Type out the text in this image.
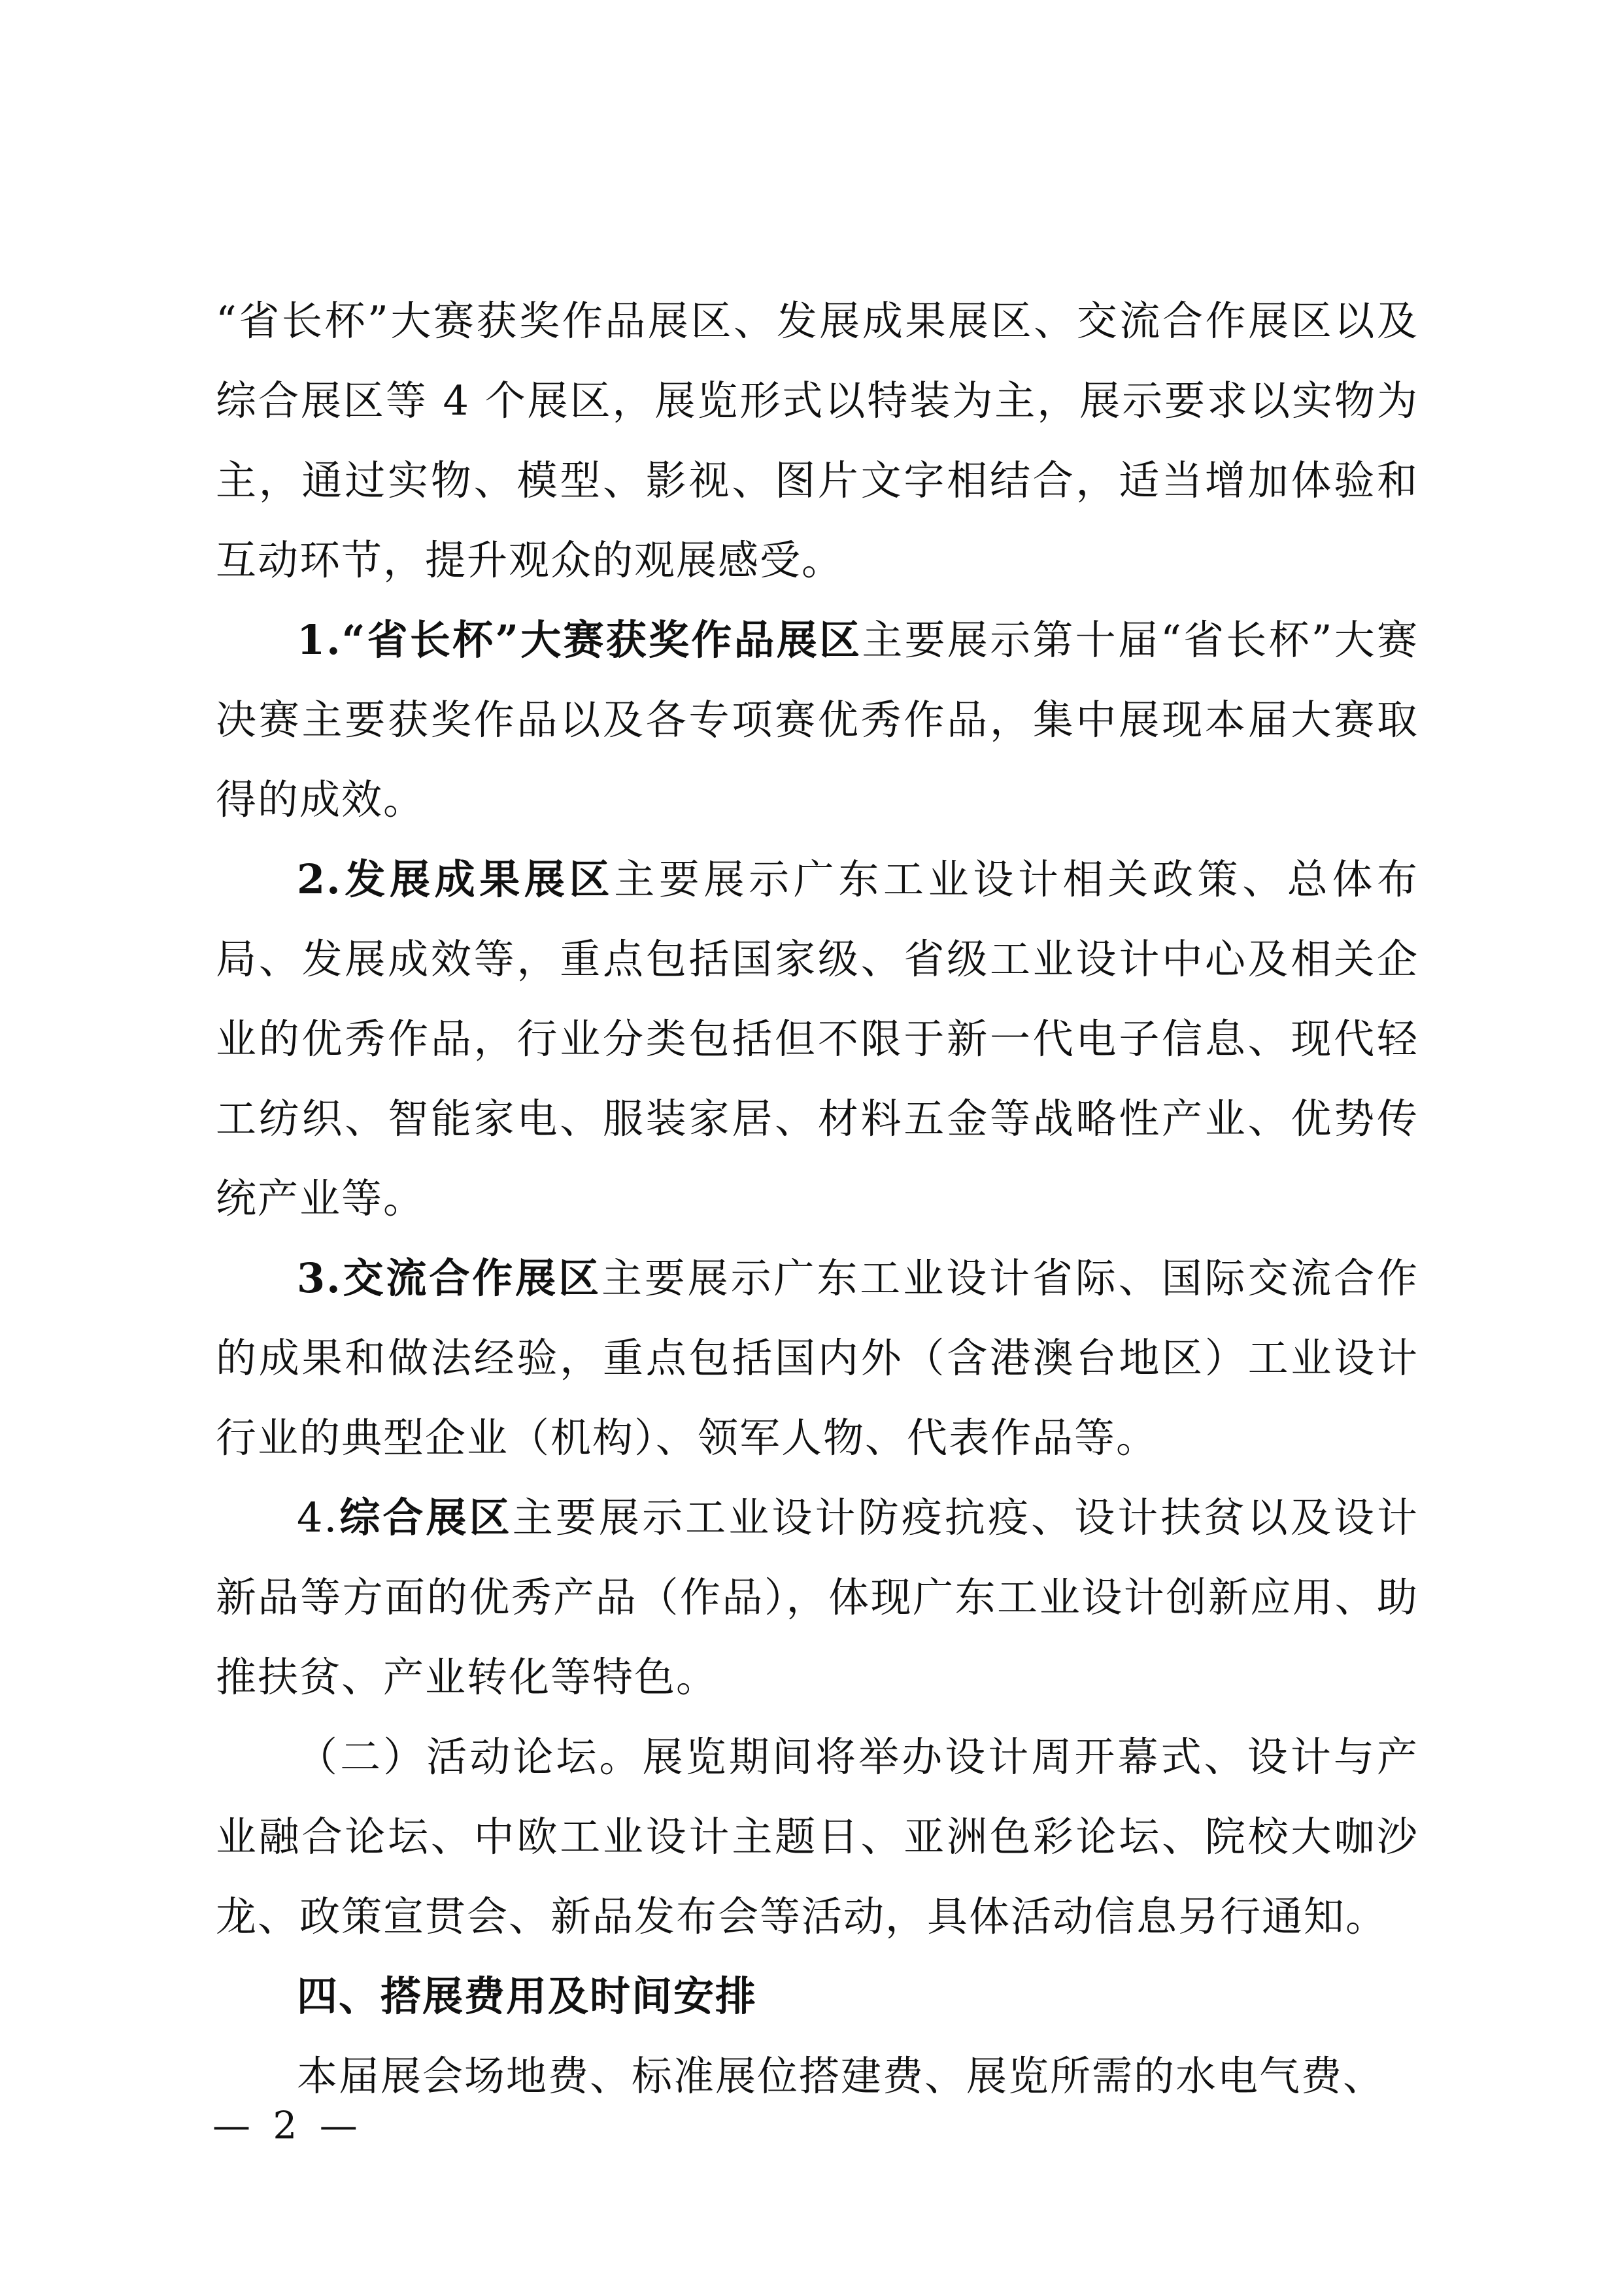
“省长杯”大赛获奖作品展区、发展成果展区、交流合作展区以及综合展区等 4 个展区，展览形式以特装为主，展示要求以实物为主，通过实物、模型、影视、图片文字相结合，适当增加体验和互动环节，提升观众的观展感受。

1.“省长杯”大赛获奖作品展区主要展示第十届“省长杯”大赛决赛主要获奖作品以及各专项赛优秀作品，集中展现本届大赛取得的成效。

2.发展成果展区主要展示广东工业设计相关政策、总体布局、发展成效等，重点包括国家级、省级工业设计中心及相关企业的优秀作品，行业分类包括但不限于新一代电子信息、现代轻工纺织、智能家电、服装家居、材料五金等战略性产业、优势传统产业等。

3.交流合作展区主要展示广东工业设计省际、国际交流合作的成果和做法经验，重点包括国内外（含港澳台地区）工业设计行业的典型企业（机构）、领军人物、代表作品等。

4.综合展区主要展示工业设计防疫抗疫、设计扶贫以及设计新品等方面的优秀产品（作品），体现广东工业设计创新应用、助推扶贫、产业转化等特色。

（二）活动论坛。展览期间将举办设计周开幕式、设计与产业融合论坛、中欧工业设计主题日、亚洲色彩论坛、院校大咖沙龙、政策宣贯会、新品发布会等活动，具体活动信息另行通知。

四、搭展费用及时间安排

本届展会场地费、标准展位搭建费、展览所需的水电气费、

— 2 —
